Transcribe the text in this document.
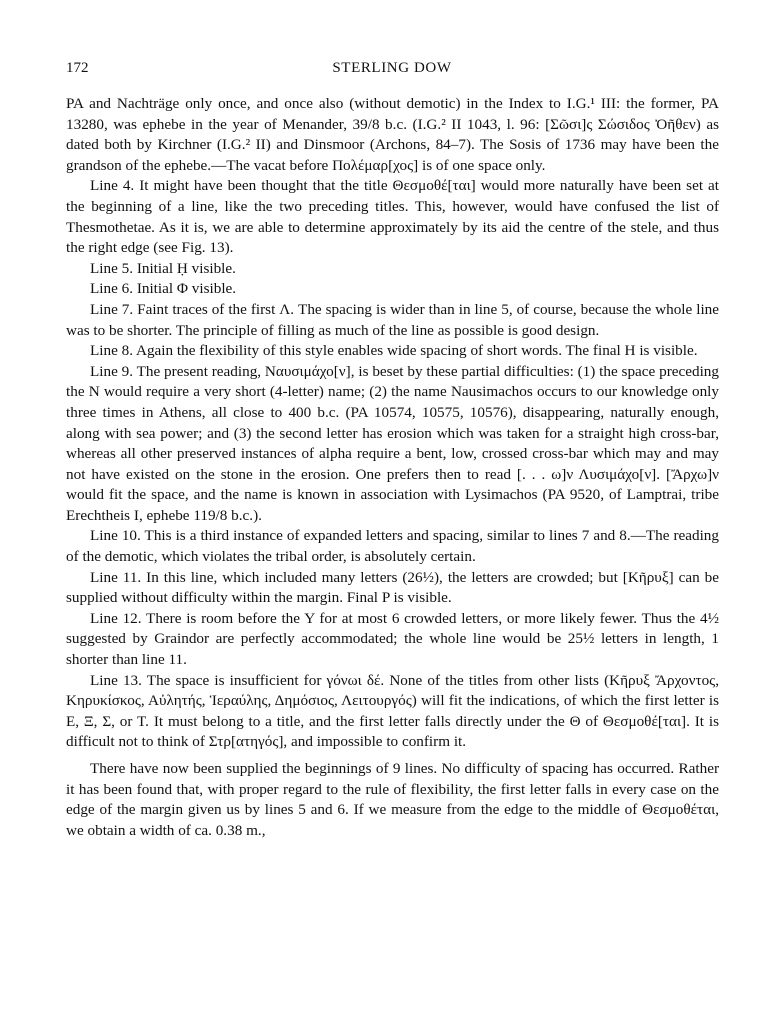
172	STERLING DOW

PA and Nachträge only once, and once also (without demotic) in the Index to I.G.¹ III: the former, PA 13280, was ephebe in the year of Menander, 39/8 b.c. (I.G.² II 1043, l. 96: [Σῶσι]ς Σώσιδος Ὀῆθεν) as dated both by Kirchner (I.G.² II) and Dinsmoor (Archons, 84–7). The Sosis of 1736 may have been the grandson of the ephebe.—The vacat before Πολέμαρ[χος] is of one space only.

Line 4. It might have been thought that the title Θεσμοθέ[ται] would more naturally have been set at the beginning of a line, like the two preceding titles. This, however, would have confused the list of Thesmothetae. As it is, we are able to determine approximately by its aid the centre of the stele, and thus the right edge (see Fig. 13).

Line 5. Initial Ḥ visible.

Line 6. Initial Φ visible.

Line 7. Faint traces of the first Λ. The spacing is wider than in line 5, of course, because the whole line was to be shorter. The principle of filling as much of the line as possible is good design.

Line 8. Again the flexibility of this style enables wide spacing of short words. The final H is visible.

Line 9. The present reading, Ναυσιμάχο[ν], is beset by these partial difficulties: (1) the space preceding the N would require a very short (4-letter) name; (2) the name Nausimachos occurs to our knowledge only three times in Athens, all close to 400 b.c. (PA 10574, 10575, 10576), disappearing, naturally enough, along with sea power; and (3) the second letter has erosion which was taken for a straight high cross-bar, whereas all other preserved instances of alpha require a bent, low, crossed cross-bar which may and may not have existed on the stone in the erosion. One prefers then to read [. . . ω]ν Λυσιμάχο[ν]. [Ἄρχω]ν would fit the space, and the name is known in association with Lysimachos (PA 9520, of Lamptrai, tribe Erechtheis I, ephebe 119/8 b.c.).

Line 10. This is a third instance of expanded letters and spacing, similar to lines 7 and 8.—The reading of the demotic, which violates the tribal order, is absolutely certain.

Line 11. In this line, which included many letters (26½), the letters are crowded; but [Κῆρυξ] can be supplied without difficulty within the margin. Final P is visible.

Line 12. There is room before the Y for at most 6 crowded letters, or more likely fewer. Thus the 4½ suggested by Graindor are perfectly accommodated; the whole line would be 25½ letters in length, 1 shorter than line 11.

Line 13. The space is insufficient for γόνωι δέ. None of the titles from other lists (Κῆρυξ Ἄρχοντος, Κηρυκίσκος, Αὐλητής, Ἱεραύλης, Δημόσιος, Λειτουργός) will fit the indications, of which the first letter is E, Ξ, Σ, or T. It must belong to a title, and the first letter falls directly under the Θ of Θεσμοθέ[ται]. It is difficult not to think of Στρ[ατηγός], and impossible to confirm it.

There have now been supplied the beginnings of 9 lines. No difficulty of spacing has occurred. Rather it has been found that, with proper regard to the rule of flexibility, the first letter falls in every case on the edge of the margin given us by lines 5 and 6. If we measure from the edge to the middle of Θεσμοθέται, we obtain a width of ca. 0.38 m.,
